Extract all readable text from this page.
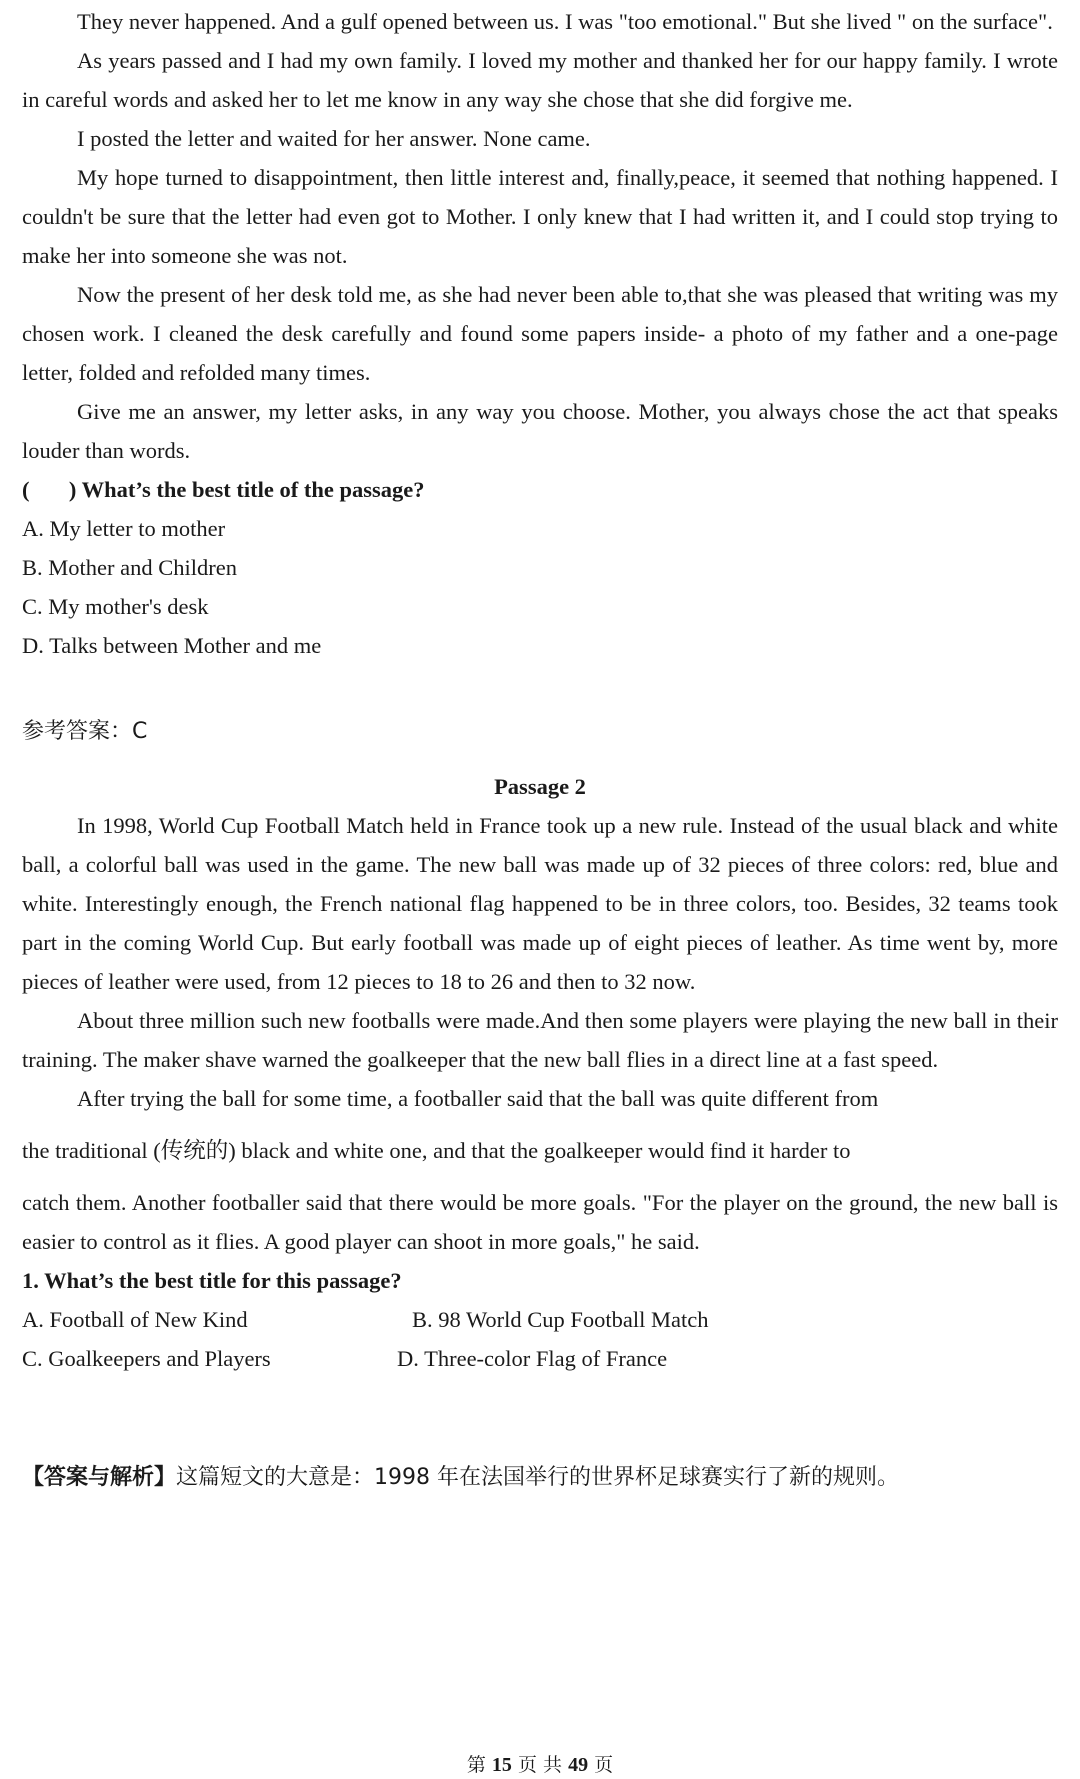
They never happened. And a gulf opened between us. I was "too emotional." But she lived " on the surface".

As years passed and I had my own family. I loved my mother and thanked her for our happy family. I wrote in careful words and asked her to let me know in any way she chose that she did forgive me.

I posted the letter and waited for her answer. None came.

My hope turned to disappointment, then little interest and, finally,peace, it seemed that nothing happened. I couldn't be sure that the letter had even got to Mother. I only knew that I had written it, and I could stop trying to make her into someone she was not.

Now the present of her desk told me, as she had never been able to,that she was pleased that writing was my chosen work. I cleaned the desk carefully and found some papers inside- a photo of my father and a one-page letter, folded and refolded many times.

Give me an answer, my letter asks, in any way you choose. Mother, you always chose the act that speaks louder than words.

(       ) What’s the best title of the passage?

A. My letter to mother

B. Mother and Children

C. My mother's desk

D. Talks between Mother and me

参考答案：C

Passage 2

In 1998, World Cup Football Match held in France took up a new rule. Instead of the usual black and white ball, a colorful ball was used in the game. The new ball was made up of 32 pieces of three colors: red, blue and white. Interestingly enough, the French national flag happened to be in three colors, too. Besides, 32 teams took part in the coming World Cup. But early football was made up of eight pieces of leather. As time went by, more pieces of leather were used, from 12 pieces to 18 to 26 and then to 32 now.

About three million such new footballs were made.And then some players were playing the new ball in their training. The maker shave warned the goalkeeper that the new ball flies in a direct line at a fast speed.

After trying the ball for some time, a footballer said that the ball was quite different from

the traditional (传统的) black and white one, and that the goalkeeper would find it harder to

catch them. Another footballer said that there would be more goals. "For the player on the ground, the new ball is easier to control as it flies. A good player can shoot in more goals," he said.

1. What’s the best title for this passage?

A. Football of New Kind	B. 98 World Cup Football Match
C. Goalkeepers and Players	D. Three-color Flag of France

【答案与解析】这篇短文的大意是：1998 年在法国举行的世界杯足球赛实行了新的规则。

第 15 页 共 49 页
